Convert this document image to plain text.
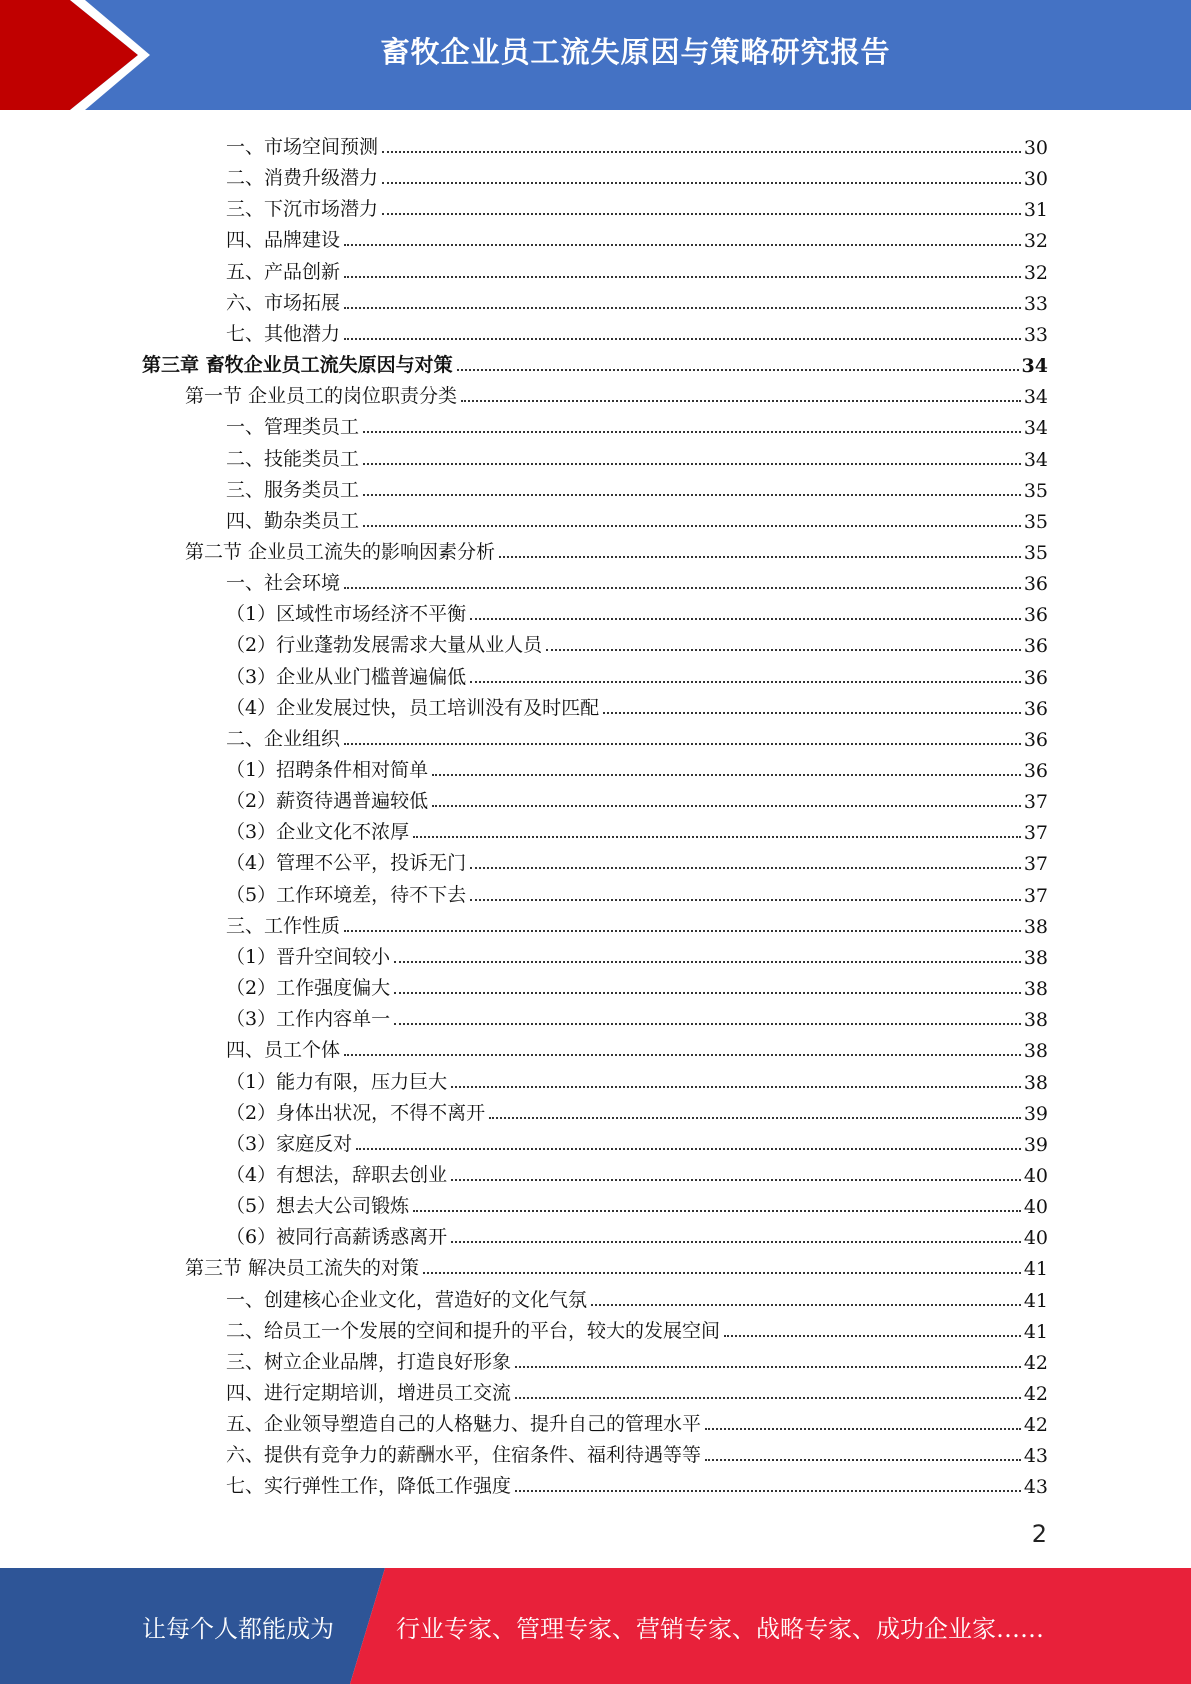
畜牧企业员工流失原因与策略研究报告
一、市场空间预测	30
二、消费升级潜力	30
三、下沉市场潜力	31
四、品牌建设	32
五、产品创新	32
六、市场拓展	33
七、其他潜力	33
第三章 畜牧企业员工流失原因与对策	34
第一节 企业员工的岗位职责分类	34
一、管理类员工	34
二、技能类员工	34
三、服务类员工	35
四、勤杂类员工	35
第二节 企业员工流失的影响因素分析	35
一、社会环境	36
（1）区域性市场经济不平衡	36
（2）行业蓬勃发展需求大量从业人员	36
（3）企业从业门槛普遍偏低	36
（4）企业发展过快，员工培训没有及时匹配	36
二、企业组织	36
（1）招聘条件相对简单	36
（2）薪资待遇普遍较低	37
（3）企业文化不浓厚	37
（4）管理不公平，投诉无门	37
（5）工作环境差，待不下去	37
三、工作性质	38
（1）晋升空间较小	38
（2）工作强度偏大	38
（3）工作内容单一	38
四、员工个体	38
（1）能力有限，压力巨大	38
（2）身体出状况，不得不离开	39
（3）家庭反对	39
（4）有想法，辞职去创业	40
（5）想去大公司锻炼	40
（6）被同行高薪诱惑离开	40
第三节 解决员工流失的对策	41
一、创建核心企业文化，营造好的文化气氛	41
二、给员工一个发展的空间和提升的平台，较大的发展空间	41
三、树立企业品牌，打造良好形象	42
四、进行定期培训，增进员工交流	42
五、企业领导塑造自己的人格魅力、提升自己的管理水平	42
六、提供有竞争力的薪酬水平，住宿条件、福利待遇等等	43
七、实行弹性工作，降低工作强度	43
2
让每个人都能成为	行业专家、管理专家、营销专家、战略专家、成功企业家……
